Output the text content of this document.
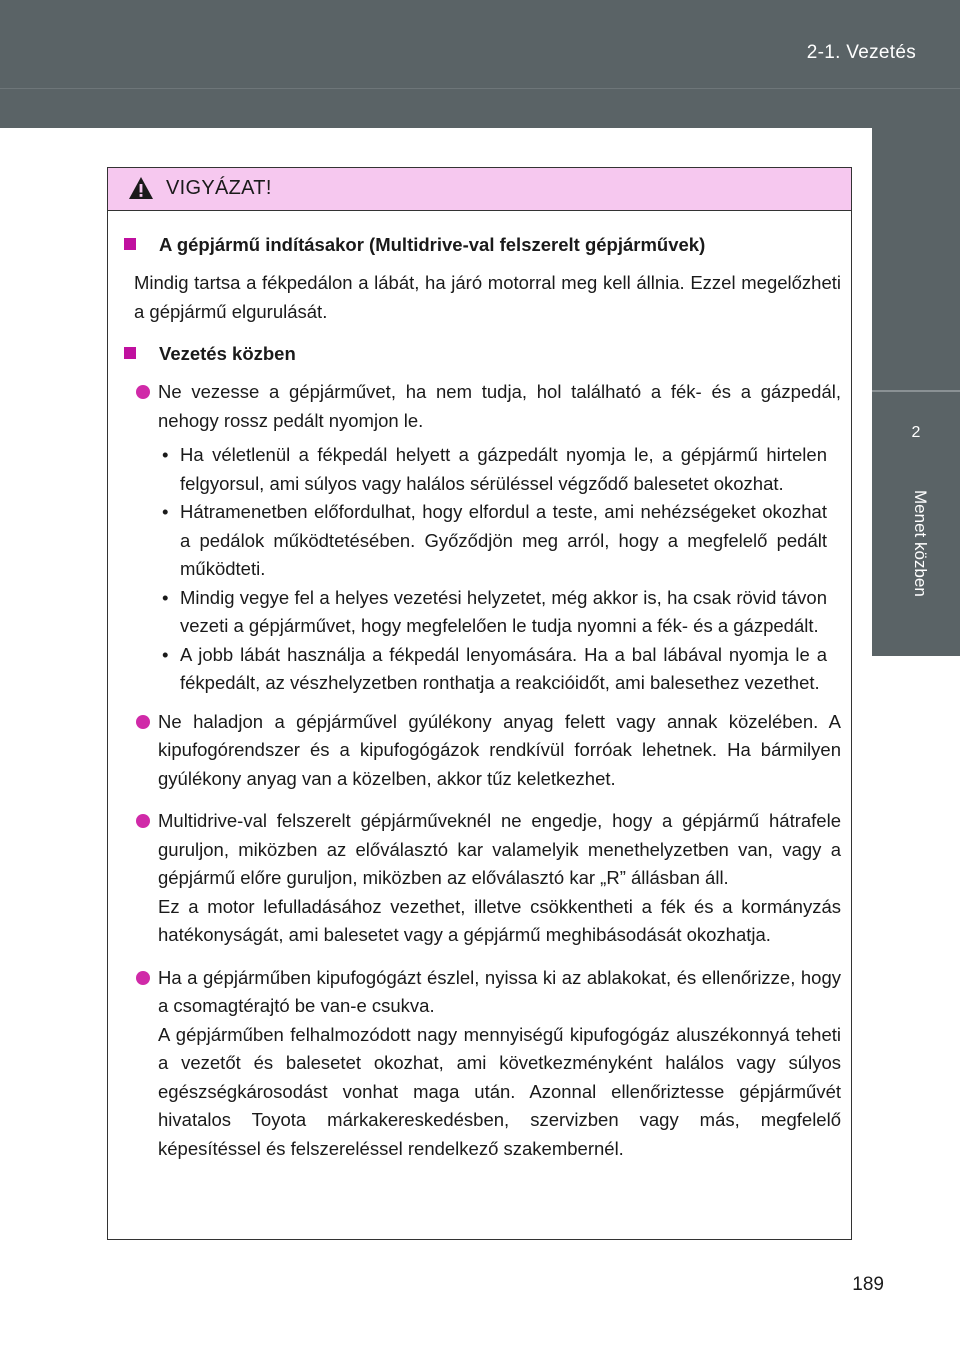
2-1. Vezetés
2
Menet közben
VIGYÁZAT!
A gépjármű indításakor (Multidrive-val felszerelt gépjárművek)
Mindig tartsa a fékpedálon a lábát, ha járó motorral meg kell állnia. Ezzel megelőzheti a gépjármű elgurulását.
Vezetés közben
Ne vezesse a gépjárművet, ha nem tudja, hol található a fék- és a gázpedál, nehogy rossz pedált nyomjon le.
• Ha véletlenül a fékpedál helyett a gázpedált nyomja le, a gépjármű hirtelen felgyorsul, ami súlyos vagy halálos sérüléssel végződő balesetet okozhat.
• Hátramenetben előfordulhat, hogy elfordul a teste, ami nehézségeket okozhat a pedálok működtetésében. Győződjön meg arról, hogy a megfelelő pedált működteti.
• Mindig vegye fel a helyes vezetési helyzetet, még akkor is, ha csak rövid távon vezeti a gépjárművet, hogy megfelelően le tudja nyomni a fék- és a gázpedált.
• A jobb lábát használja a fékpedál lenyomására. Ha a bal lábával nyomja le a fékpedált, az vészhelyzetben ronthatja a reakcióidőt, ami balesethez vezethet.
Ne haladjon a gépjárművel gyúlékony anyag felett vagy annak közelében. A kipufogórendszer és a kipufogógázok rendkívül forróak lehetnek. Ha bármilyen gyúlékony anyag van a közelben, akkor tűz keletkezhet.
Multidrive-val felszerelt gépjárműveknél ne engedje, hogy a gépjármű hátrafele guruljon, miközben az előválasztó kar valamelyik menethelyzetben van, vagy a gépjármű előre guruljon, miközben az előválasztó kar „R” állásban áll.
Ez a motor lefulladásához vezethet, illetve csökkentheti a fék és a kormányzás hatékonyságát, ami balesetet vagy a gépjármű meghibásodását okozhatja.
Ha a gépjárműben kipufogógázt észlel, nyissa ki az ablakokat, és ellenőrizze, hogy a csomagtérajtó be van-e csukva.
A gépjárműben felhalmozódott nagy mennyiségű kipufogógáz aluszékonnyá teheti a vezetőt és balesetet okozhat, ami következményként halálos vagy súlyos egészségkárosodást vonhat maga után. Azonnal ellenőriztesse gépjárművét hivatalos Toyota márkakereskedésben, szervizben vagy más, megfelelő képesítéssel és felszereléssel rendelkező szakembernél.
189
